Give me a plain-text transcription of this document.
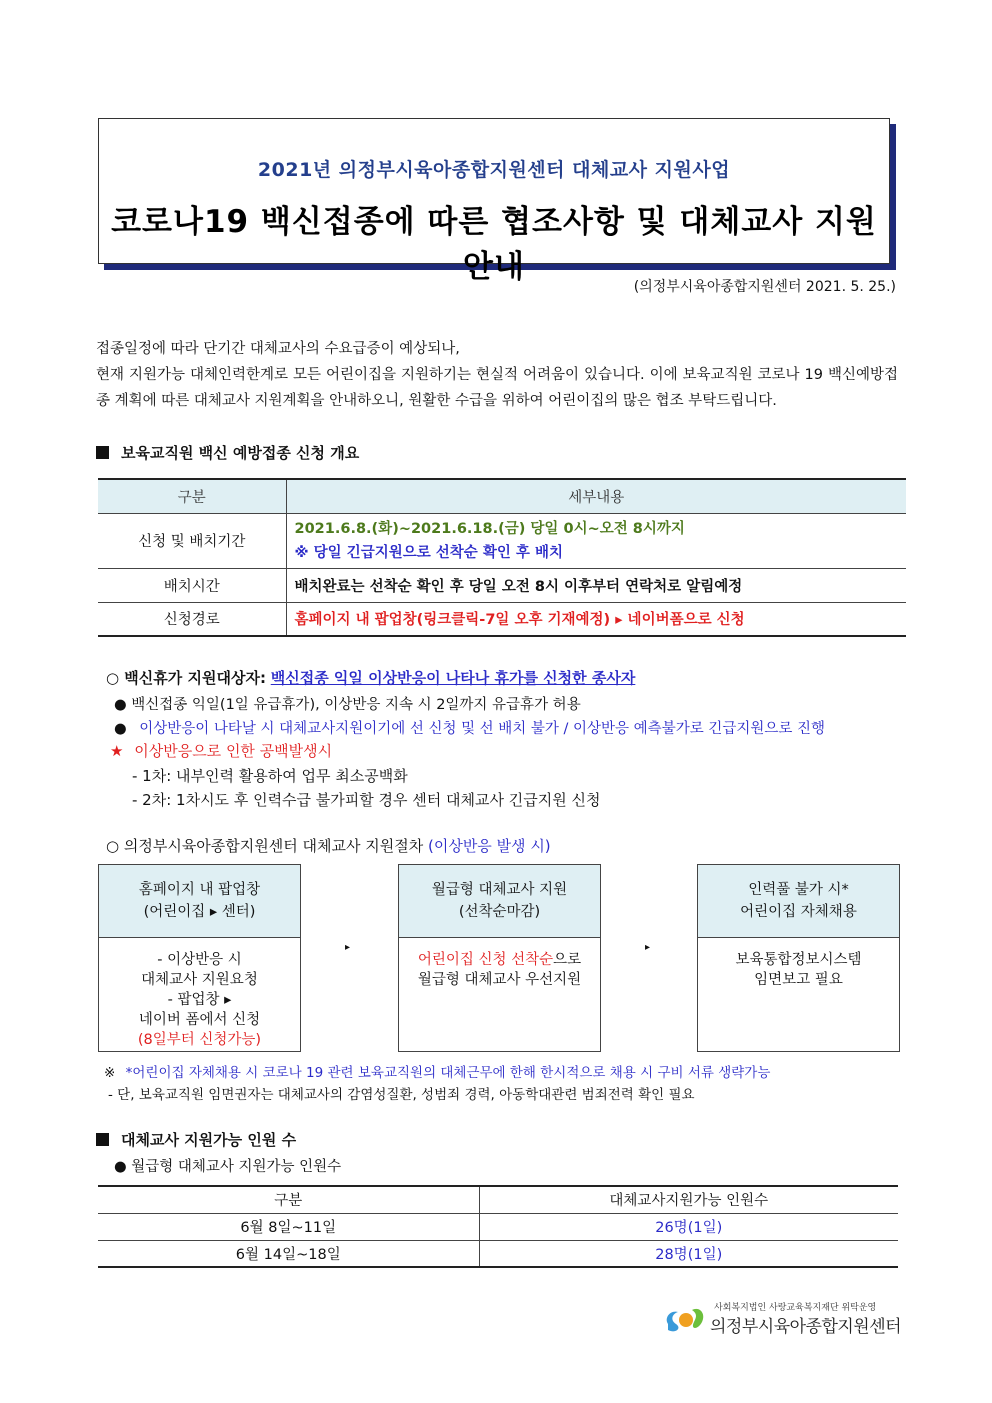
2021년 의정부시육아종합지원센터 대체교사 지원사업
코로나19 백신접종에 따른 협조사항 및 대체교사 지원안내
(의정부시육아종합지원센터 2021. 5. 25.)
접종일정에 따라 단기간 대체교사의 수요급증이 예상되나,
현재 지원가능 대체인력한계로 모든 어린이집을 지원하기는 현실적 어려움이 있습니다. 이에 보육교직원 코로나 19 백신예방접종 계획에 따른 대체교사 지원계획을 안내하오니, 원활한 수급을 위하여 어린이집의 많은 협조 부탁드립니다.
보육교직원 백신 예방접종 신청 개요
구분	세부내용
신청 및 배치기간	2021.6.8.(화)~2021.6.18.(금) 당일 0시~오전 8시까지
※ 당일 긴급지원으로 선착순 확인 후 배치

배치시간	배치완료는 선착순 확인 후 당일 오전 8시 이후부터 연락처로 알림예정
신청경로	홈페이지 내 팝업창(링크클릭-7일 오후 기재예정) ▸ 네이버폼으로 신청
○ 백신휴가 지원대상자: 백신접종 익일 이상반응이 나타나 휴가를 신청한 종사자
● 백신접종 익일(1일 유급휴가), 이상반응 지속 시 2일까지 유급휴가 허용
● 이상반응이 나타날 시 대체교사지원이기에 선 신청 및 선 배치 불가 / 이상반응 예측불가로 긴급지원으로 진행
★ 이상반응으로 인한 공백발생시
- 1차: 내부인력 활용하여 업무 최소공백화
- 2차: 1차시도 후 인력수급 불가피할 경우 센터 대체교사 긴급지원 신청
○ 의정부시육아종합지원센터 대체교사 지원절차 (이상반응 발생 시)
홈페이지 내 팝업창
(어린이집 ▸ 센터)
- 이상반응 시
대체교사 지원요청
- 팝업창 ▸
네이버 폼에서 신청
(8일부터 신청가능)
▸
월급형 대체교사 지원
(선착순마감)
어린이집 신청 선착순으로
월급형 대체교사 우선지원
▸
인력풀 불가 시*
어린이집 자체채용
보육통합정보시스템
임면보고 필요
※ *어린이집 자체채용 시 코로나 19 관련 보육교직원의 대체근무에 한해 한시적으로 채용 시 구비 서류 생략가능
- 단, 보육교직원 임면권자는 대체교사의 감염성질환, 성범죄 경력, 아동학대관련 범죄전력 확인 필요
대체교사 지원가능 인원 수
● 월급형 대체교사 지원가능 인원수
구분	대체교사지원가능 인원수
6월 8일~11일	26명(1일)
6월 14일~18일	28명(1일)
사회복지법인 사랑교육복지재단 위탁운영
의정부시육아종합지원센터
